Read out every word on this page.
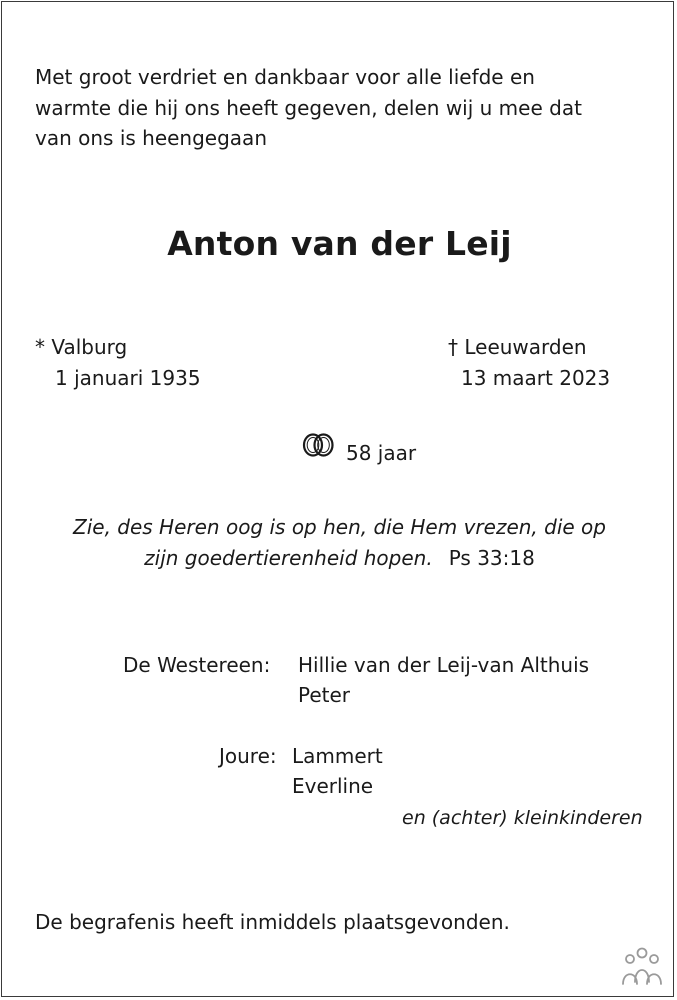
Met groot verdriet en dankbaar voor alle liefde en
warmte die hij ons heeft gegeven, delen wij u mee dat
van ons is heengegaan
Anton van der Leij
* Valburg
1 januari 1935
† Leeuwarden
13 maart 2023
58 jaar
Zie, des Heren oog is op hen, die Hem vrezen, die op
zijn goedertierenheid hopen. Ps 33:18
De Westereen: Hillie van der Leij-van Althuis
Peter
Joure: Lammert
Everline
en (achter) kleinkinderen
De begrafenis heeft inmiddels plaatsgevonden.
